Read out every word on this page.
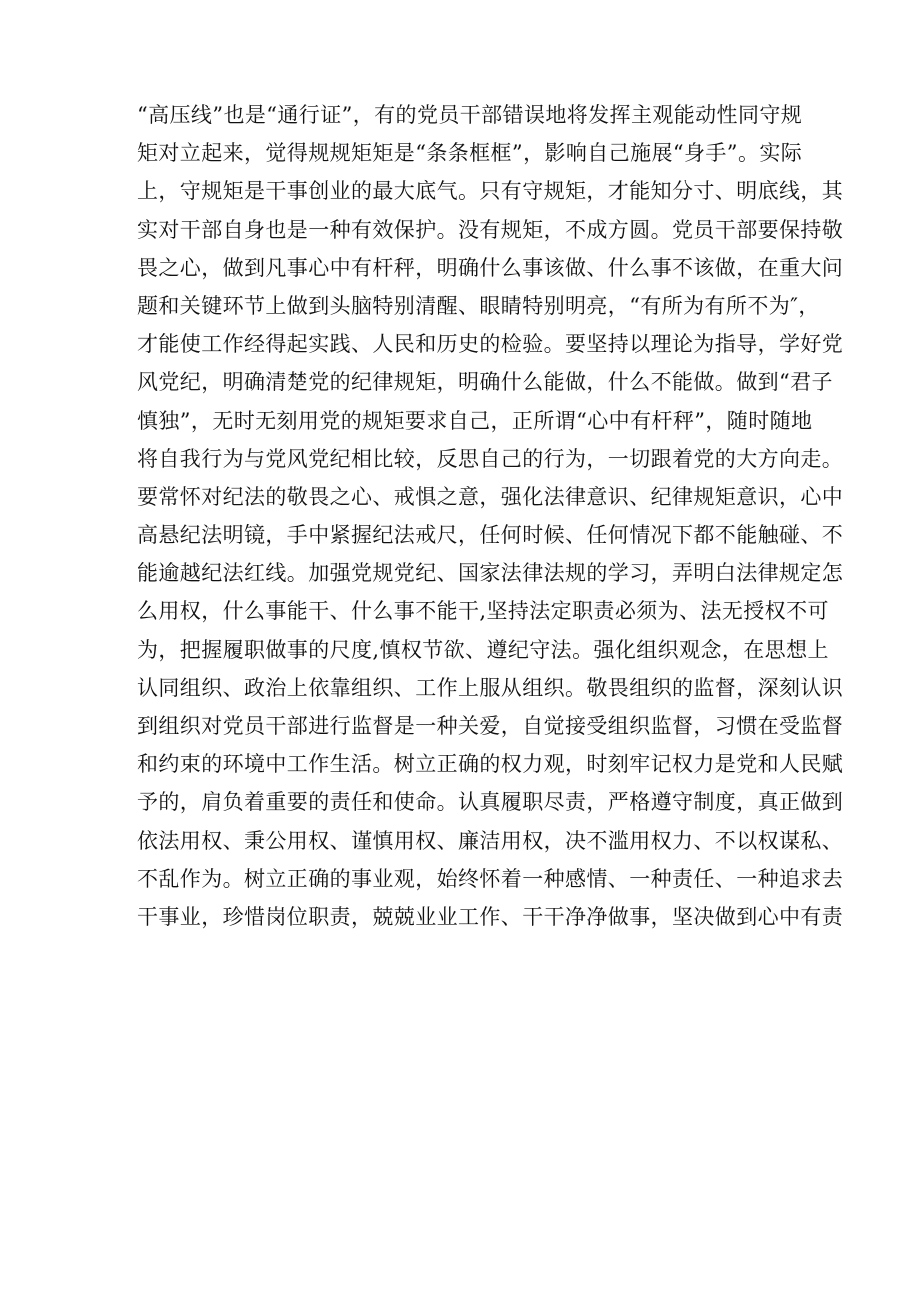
“高压线”也是“通行证”，有的党员干部错误地将发挥主观能动性同守规
矩对立起来，觉得规规矩矩是“条条框框”，影响自己施展“身手”。实际
上，守规矩是干事创业的最大底气。只有守规矩，才能知分寸、明底线，其
实对干部自身也是一种有效保护。没有规矩，不成方圆。党员干部要保持敬
畏之心，做到凡事心中有杆秤，明确什么事该做、什么事不该做，在重大问
题和关键环节上做到头脑特别清醒、眼睛特别明亮，“有所为有所不为″，
才能使工作经得起实践、人民和历史的检验。要坚持以理论为指导，学好党
风党纪，明确清楚党的纪律规矩，明确什么能做，什么不能做。做到“君子
慎独”，无时无刻用党的规矩要求自己，正所谓“心中有杆秤”，随时随地
将自我行为与党风党纪相比较，反思自己的行为，一切跟着党的大方向走。
要常怀对纪法的敬畏之心、戒惧之意，强化法律意识、纪律规矩意识，心中
高悬纪法明镜，手中紧握纪法戒尺，任何时候、任何情况下都不能触碰、不
能逾越纪法红线。加强党规党纪、国家法律法规的学习，弄明白法律规定怎
么用权，什么事能干、什么事不能干,坚持法定职责必须为、法无授权不可
为，把握履职做事的尺度,慎权节欲、遵纪守法。强化组织观念，在思想上
认同组织、政治上依靠组织、工作上服从组织。敬畏组织的监督，深刻认识
到组织对党员干部进行监督是一种关爱，自觉接受组织监督，习惯在受监督
和约束的环境中工作生活。树立正确的权力观，时刻牢记权力是党和人民赋
予的，肩负着重要的责任和使命。认真履职尽责，严格遵守制度，真正做到
依法用权、秉公用权、谨慎用权、廉洁用权，决不滥用权力、不以权谋私、
不乱作为。树立正确的事业观，始终怀着一种感情、一种责任、一种追求去
干事业，珍惜岗位职责，兢兢业业工作、干干净净做事，坚决做到心中有责
